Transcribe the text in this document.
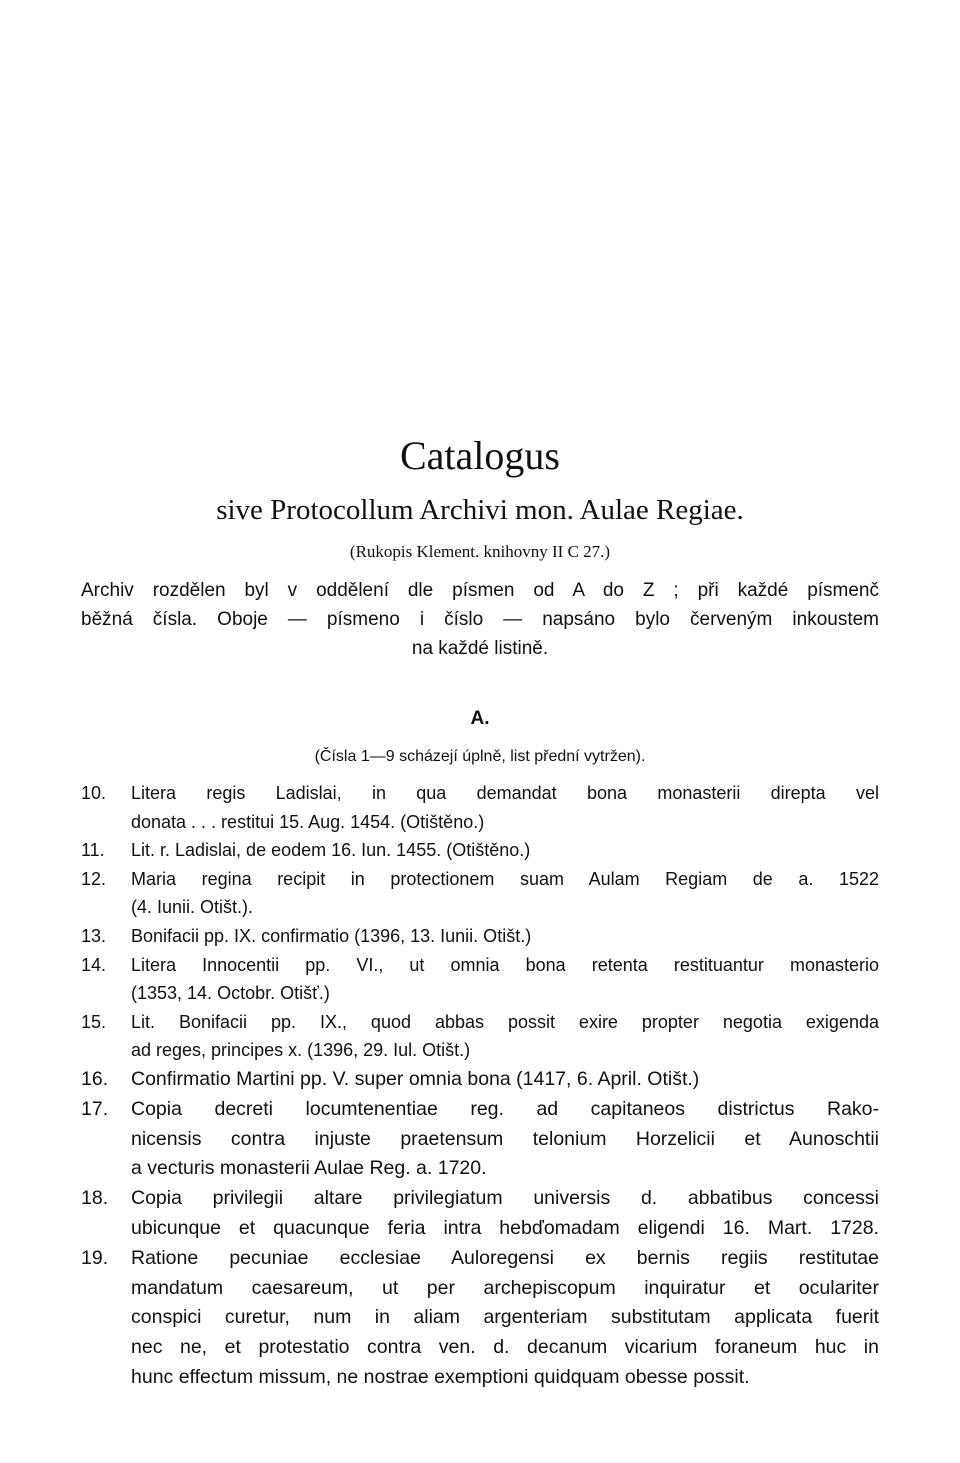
Catalogus
sive Protocollum Archivi mon. Aulae Regiae.
(Rukopis Klement. knihovny II C 27.)
Archiv rozdělen byl v oddělení dle písmen od A do Z ; při každé písmenč
běžná čísla. Oboje — písmeno i číslo — napsáno bylo červeným inkoustem
na každé listině.
A.
(Čísla 1—9 scházejí úplně, list přední vytržen).
10.	Litera regis Ladislai, in qua demandat bona monasterii direpta vel
donata . . . restitui 15. Aug. 1454. (Otištěno.)
11.	Lit. r. Ladislai, de eodem 16. Iun. 1455. (Otištěno.)
12.	Maria regina recipit in protectionem suam Aulam Regiam de a. 1522
(4. Iunii. Otišt.).
13.	Bonifacii pp. IX. confirmatio (1396, 13. Iunii. Otišt.)
14.	Litera Innocentii pp. VI., ut omnia bona retenta restituantur monasterio
(1353, 14. Octobr. Otišť.)
15.	Lit. Bonifacii pp. IX., quod abbas possit exire propter negotia exigenda
ad reges, principes x. (1396, 29. Iul. Otišt.)
16.	Confirmatio Martini pp. V. super omnia bona (1417, 6. April. Otišt.)
17.	Copia decreti locumtenentiae reg. ad capitaneos districtus Rako-
nicensis contra injuste praetensum telonium Horzelicii et Aunoschtii
a vecturis monasterii Aulae Reg. a. 1720.
18.	Copia privilegii altare privilegiatum universis d. abbatibus concessi
ubicunque et quacunque feria intra hebďomadam eligendi 16. Mart. 1728.
19.	Ratione pecuniae ecclesiae Auloregensi ex bernis regiis restitutae
mandatum caesareum, ut per archepiscopum inquiratur et oculariter
conspici curetur, num in aliam argenteriam substitutam applicata fuerit
nec ne, et protestatio contra ven. d. decanum vicarium foraneum huc in
hunc effectum missum, ne nostrae exemptioni quidquam obesse possit.
